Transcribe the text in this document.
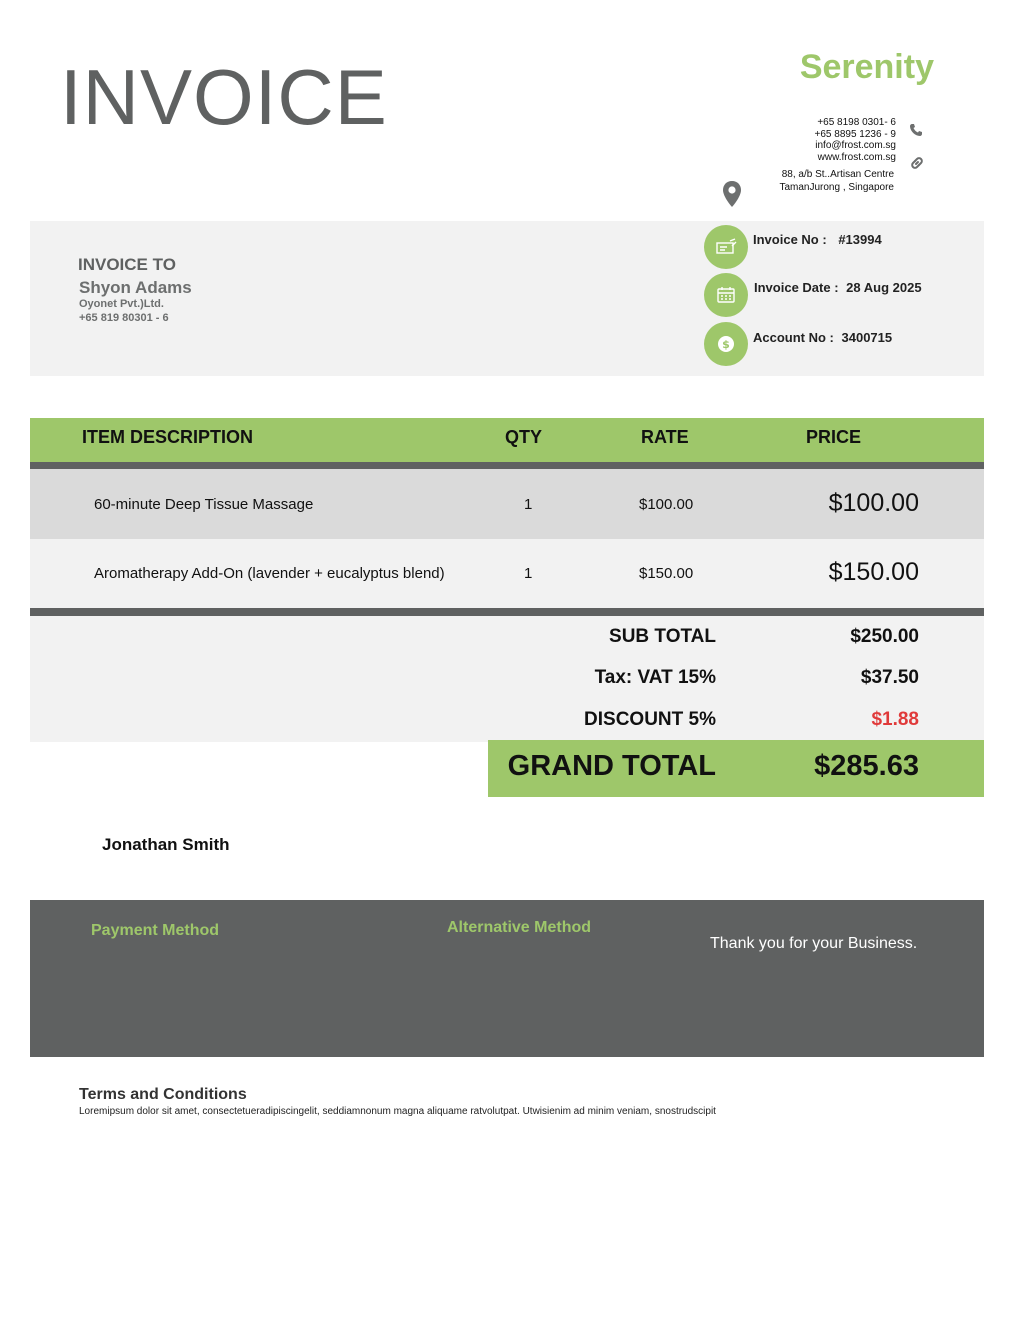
INVOICE	Serenity
+65 8198 0301- 6
+65 8895 1236 - 9
info@frost.com.sg
www.frost.com.sg
88, a/b St..Artisan Centre
TamanJurong , Singapore
INVOICE TO
Shyon Adams
Oyonet Pvt.)Ltd.
+65 819 80301 - 6
Invoice No : #13994
Invoice Date : 28 Aug 2025
$ Account No : 3400715
ITEM DESCRIPTION	QTY	RATE	PRICE
60-minute Deep Tissue Massage	1	$100.00	$100.00
Aromatherapy Add-On (lavender + eucalyptus blend)	1	$150.00	$150.00
SUB TOTAL	$250.00
Tax: VAT 15%	$37.50
DISCOUNT 5%	$1.88
GRAND TOTAL	$285.63
Jonathan Smith
Payment Method	Alternative Method
Thank you for your Business.
Terms and Conditions
Loremipsum dolor sit amet, consectetueradipiscingelit, seddiamnonum magna aliquame ratvolutpat. Utwisienim ad minim veniam, snostrudscipit
